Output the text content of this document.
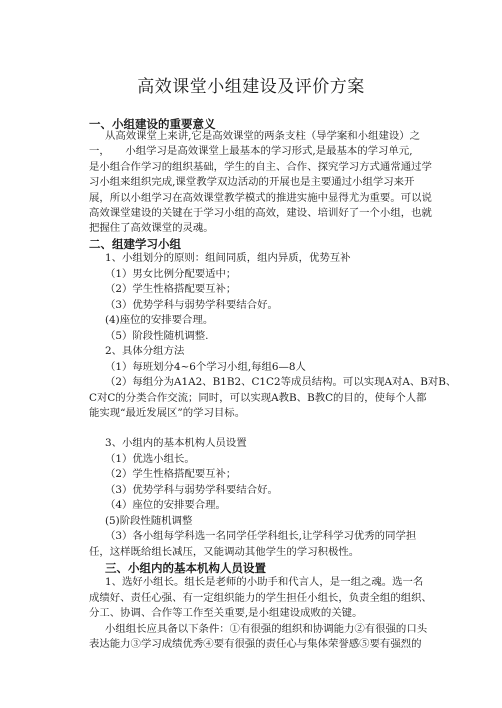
高效课堂小组建设及评价方案
一、小组建设的重要意义
从高效课堂上来讲,它是高效课堂的两条支柱（导学案和小组建设）之
一，　　小组学习是高效课堂上最基本的学习形式,是最基本的学习单元,
是小组合作学习的组织基础，学生的自主、合作、探究学习方式通常通过学
习小组来组织完成,课堂教学双边活动的开展也是主要通过小组学习来开
展，所以小组学习在高效课堂教学模式的推进实施中显得尤为重要。可以说
高效课堂建设的关键在于学习小组的高效，建设、培训好了一个小组，也就
把握住了高效课堂的灵魂。
二、组建学习小组
1、小组划分的原则：组间同质，组内异质，优势互补
（1）男女比例分配要适中；
（2）学生性格搭配要互补；
（3）优势学科与弱势学科要结合好。
(4)座位的安排要合理。
（5）阶段性随机调整.
2、具体分组方法
（1）每班划分4~6个学习小组,每组6—8人
（2）每组分为A1A2、B1B2、C1C2等成员结构。可以实现A对A、B对B、
C对C的分类合作交流；同时，可以实现A教B、B教C的目的，使每个人都
能实现“最近发展区”的学习目标。
3、小组内的基本机构人员设置
（1）优选小组长。
（2）学生性格搭配要互补；
（3）优势学科与弱势学科要结合好。
（4）座位的安排要合理。
(5)阶段性随机调整
（3）各小组每学科选一名同学任学科组长,让学科学习优秀的同学担
任，这样既给组长减压，又能调动其他学生的学习积极性。
三、小组内的基本机构人员设置
1、选好小组长。组长是老师的小助手和代言人，是一组之魂。选一名
成绩好、责任心强、有一定组织能力的学生担任小组长，负责全组的组织、
分工、协调、合作等工作至关重要,是小组建设成败的关键。
小组组长应具备以下条件：①有很强的组织和协调能力②有很强的口头
表达能力③学习成绩优秀④要有很强的责任心与集体荣誉感⑤要有强烈的
